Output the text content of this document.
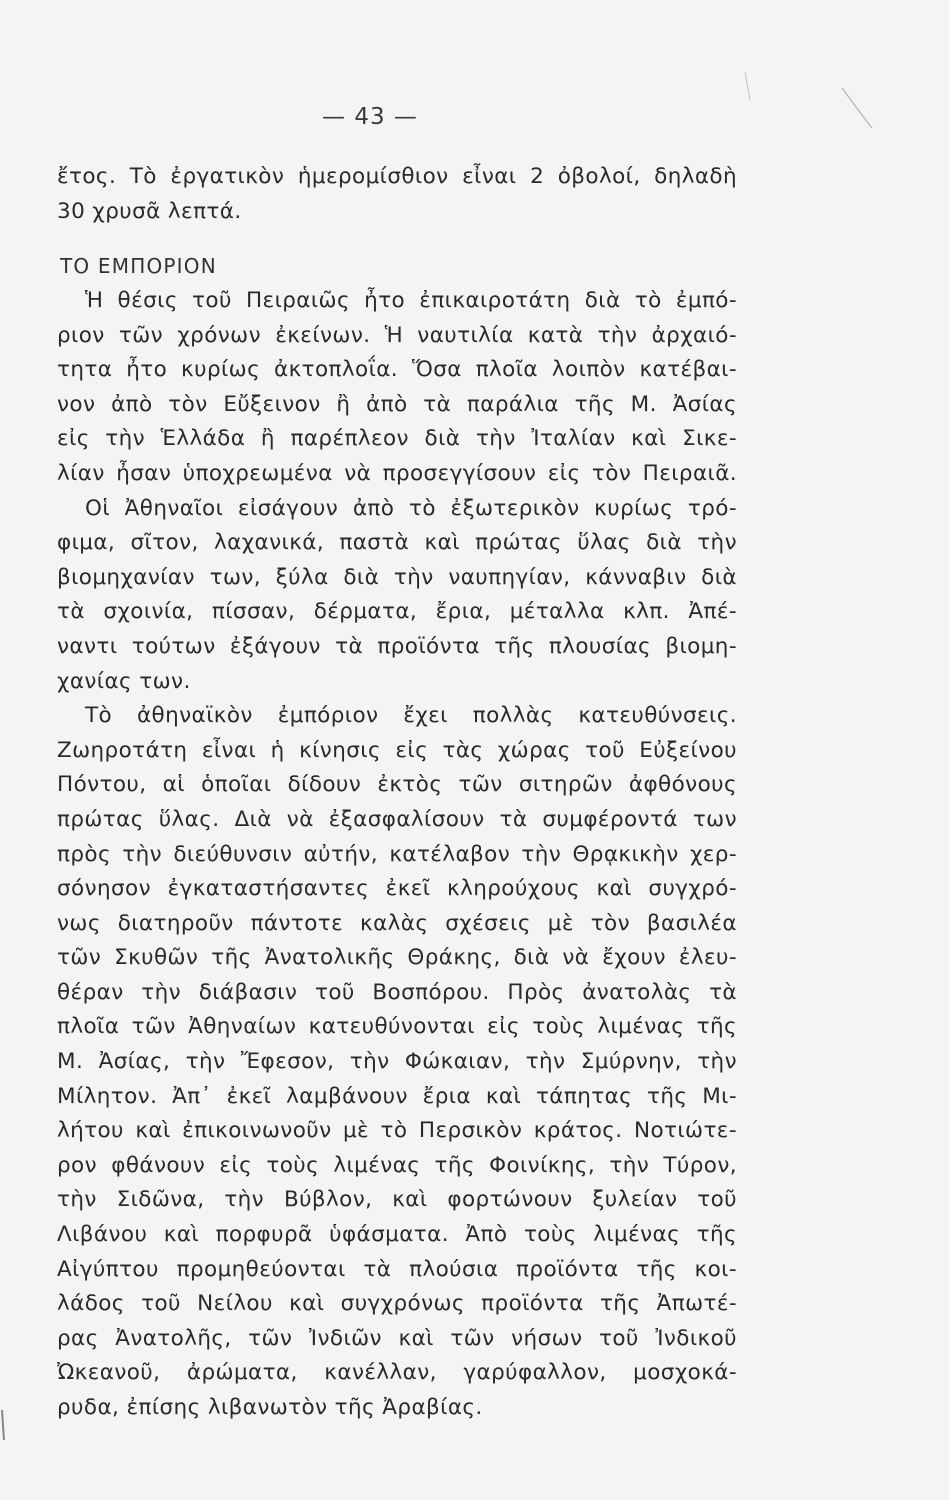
— 43 —
ἔτος. Τὸ ἐργατικὸν ἡμερομίσθιον εἶναι 2 ὀβολοί, δηλαδὴ
30 χρυσᾶ λεπτά.
ΤΟ ΕΜΠΟΡΙΟΝ
Ἡ θέσις τοῦ Πειραιῶς ἦτο ἐπικαιροτάτη διὰ τὸ ἐμπό-
ριον τῶν χρόνων ἐκείνων. Ἡ ναυτιλία κατὰ τὴν ἀρχαιό-
τητα ἦτο κυρίως ἀκτοπλοΐα. Ὅσα πλοῖα λοιπὸν κατέβαι-
νον ἀπὸ τὸν Εὔξεινον ἢ ἀπὸ τὰ παράλια τῆς Μ. Ἀσίας
εἰς τὴν Ἑλλάδα ἢ παρέπλεον διὰ τὴν Ἰταλίαν καὶ Σικε-
λίαν ἦσαν ὑποχρεωμένα νὰ προσεγγίσουν εἰς τὸν Πειραιᾶ.
Οἱ Ἀθηναῖοι εἰσάγουν ἀπὸ τὸ ἐξωτερικὸν κυρίως τρό-
φιμα, σῖτον, λαχανικά, παστὰ καὶ πρώτας ὕλας διὰ τὴν
βιομηχανίαν των, ξύλα διὰ τὴν ναυπηγίαν, κάνναβιν διὰ
τὰ σχοινία, πίσσαν, δέρματα, ἔρια, μέταλλα κλπ. Ἀπέ-
ναντι τούτων ἐξάγουν τὰ προϊόντα τῆς πλουσίας βιομη-
χανίας των.
Τὸ ἀθηναϊκὸν ἐμπόριον ἔχει πολλὰς κατευθύνσεις.
Ζωηροτάτη εἶναι ἡ κίνησις εἰς τὰς χώρας τοῦ Εὐξείνου
Πόντου, αἱ ὁποῖαι δίδουν ἐκτὸς τῶν σιτηρῶν ἀφθόνους
πρώτας ὕλας. Διὰ νὰ ἐξασφαλίσουν τὰ συμφέροντά των
πρὸς τὴν διεύθυνσιν αὐτήν, κατέλαβον τὴν Θρᾳκικὴν χερ-
σόνησον ἐγκαταστήσαντες ἐκεῖ κληρούχους καὶ συγχρό-
νως διατηροῦν πάντοτε καλὰς σχέσεις μὲ τὸν βασιλέα
τῶν Σκυθῶν τῆς Ἀνατολικῆς Θράκης, διὰ νὰ ἔχουν ἐλευ-
θέραν τὴν διάβασιν τοῦ Βοσπόρου. Πρὸς ἀνατολὰς τὰ
πλοῖα τῶν Ἀθηναίων κατευθύνονται εἰς τοὺς λιμένας τῆς
Μ. Ἀσίας, τὴν Ἔφεσον, τὴν Φώκαιαν, τὴν Σμύρνην, τὴν
Μίλητον. Ἀπ᾽ ἐκεῖ λαμβάνουν ἔρια καὶ τάπητας τῆς Μι-
λήτου καὶ ἐπικοινωνοῦν μὲ τὸ Περσικὸν κράτος. Νοτιώτε-
ρον φθάνουν εἰς τοὺς λιμένας τῆς Φοινίκης, τὴν Τύρον,
τὴν Σιδῶνα, τὴν Βύβλον, καὶ φορτώνουν ξυλείαν τοῦ
Λιβάνου καὶ πορφυρᾶ ὑφάσματα. Ἀπὸ τοὺς λιμένας τῆς
Αἰγύπτου προμηθεύονται τὰ πλούσια προϊόντα τῆς κοι-
λάδος τοῦ Νείλου καὶ συγχρόνως προϊόντα τῆς Ἀπωτέ-
ρας Ἀνατολῆς, τῶν Ἰνδιῶν καὶ τῶν νήσων τοῦ Ἰνδικοῦ
Ὠκεανοῦ, ἀρώματα, κανέλλαν, γαρύφαλλον, μοσχοκά-
ρυδα, ἐπίσης λιβανωτὸν τῆς Ἀραβίας.
